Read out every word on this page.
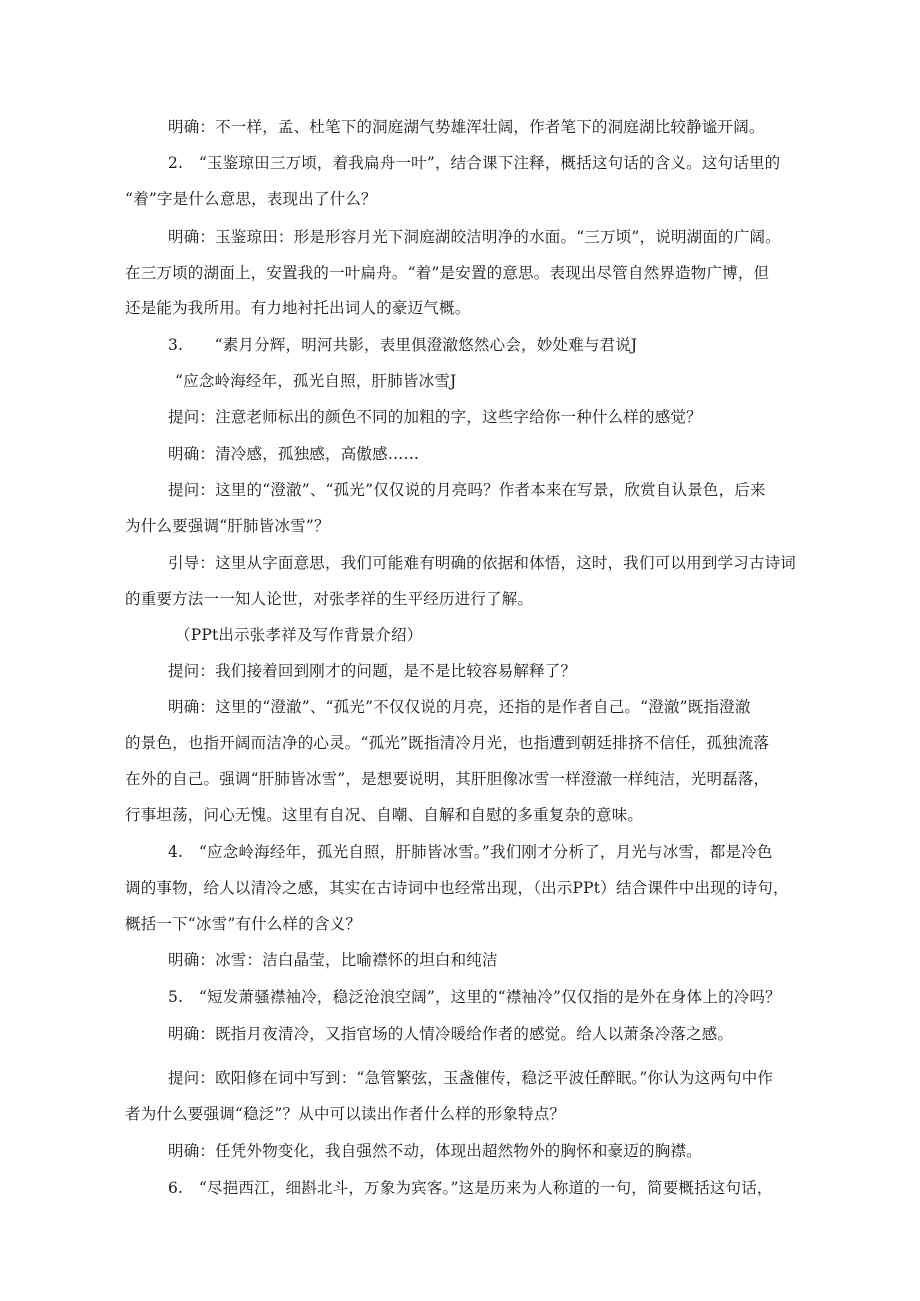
明确：不一样，孟、杜笔下的洞庭湖气势雄浑壮阔，作者笔下的洞庭湖比较静谧开阔。
2.　“玉鉴琼田三万顷，着我扁舟一叶”，结合课下注释，概括这句话的含义。这句话里的
“着”字是什么意思，表现出了什么？
明确：玉鉴琼田：形是形容月光下洞庭湖皎洁明净的水面。“三万顷”，说明湖面的广阔。
在三万顷的湖面上，安置我的一叶扁舟。“着”是安置的意思。表现出尽管自然界造物广博，但
还是能为我所用。有力地衬托出词人的豪迈气概。
3.　　“素月分辉，明河共影，表里俱澄澈悠然心会，妙处难与君说J
“应念岭海经年，孤光自照，肝肺皆冰雪J
提问：注意老师标出的颜色不同的加粗的字，这些字给你一种什么样的感觉？
明确：清冷感，孤独感，高傲感……
提问：这里的“澄澈”、“孤光”仅仅说的月亮吗？作者本来在写景，欣赏自认景色，后来
为什么要强调“肝肺皆冰雪”？
引导：这里从字面意思，我们可能难有明确的依据和体悟，这时，我们可以用到学习古诗词
的重要方法一一知人论世，对张孝祥的生平经历进行了解。
（PPt出示张孝祥及写作背景介绍）
提问：我们接着回到刚才的问题，是不是比较容易解释了？
明确：这里的“澄澈”、“孤光”不仅仅说的月亮，还指的是作者自己。“澄澈”既指澄澈
的景色，也指开阔而洁净的心灵。“孤光”既指清冷月光，也指遭到朝廷排挤不信任，孤独流落
在外的自己。强调“肝肺皆冰雪”，是想要说明，其肝胆像冰雪一样澄澈一样纯洁，光明磊落，
行事坦荡，问心无愧。这里有自况、自嘲、自解和自慰的多重复杂的意味。
4.　“应念岭海经年，孤光自照，肝肺皆冰雪。”我们刚才分析了，月光与冰雪，都是冷色
调的事物，给人以清冷之感，其实在古诗词中也经常出现，（出示PPt）结合课件中出现的诗句，
概括一下“冰雪”有什么样的含义？
明确：冰雪：洁白晶莹，比喻襟怀的坦白和纯洁
5.　“短发萧骚襟袖冷，稳泛沧浪空阔”，这里的“襟袖冷”仅仅指的是外在身体上的冷吗？
明确：既指月夜清冷，又指官场的人情冷暖给作者的感觉。给人以萧条冷落之感。
提问：欧阳修在词中写到：“急管繁弦，玉盏催传，稳泛平波任醉眠。”你认为这两句中作
者为什么要强调“稳泛”？从中可以读出作者什么样的形象特点？
明确：任凭外物变化，我自强然不动，体现出超然物外的胸怀和豪迈的胸襟。
6.　“尽挹西江，细斟北斗，万象为宾客。”这是历来为人称道的一句，简要概括这句话，
